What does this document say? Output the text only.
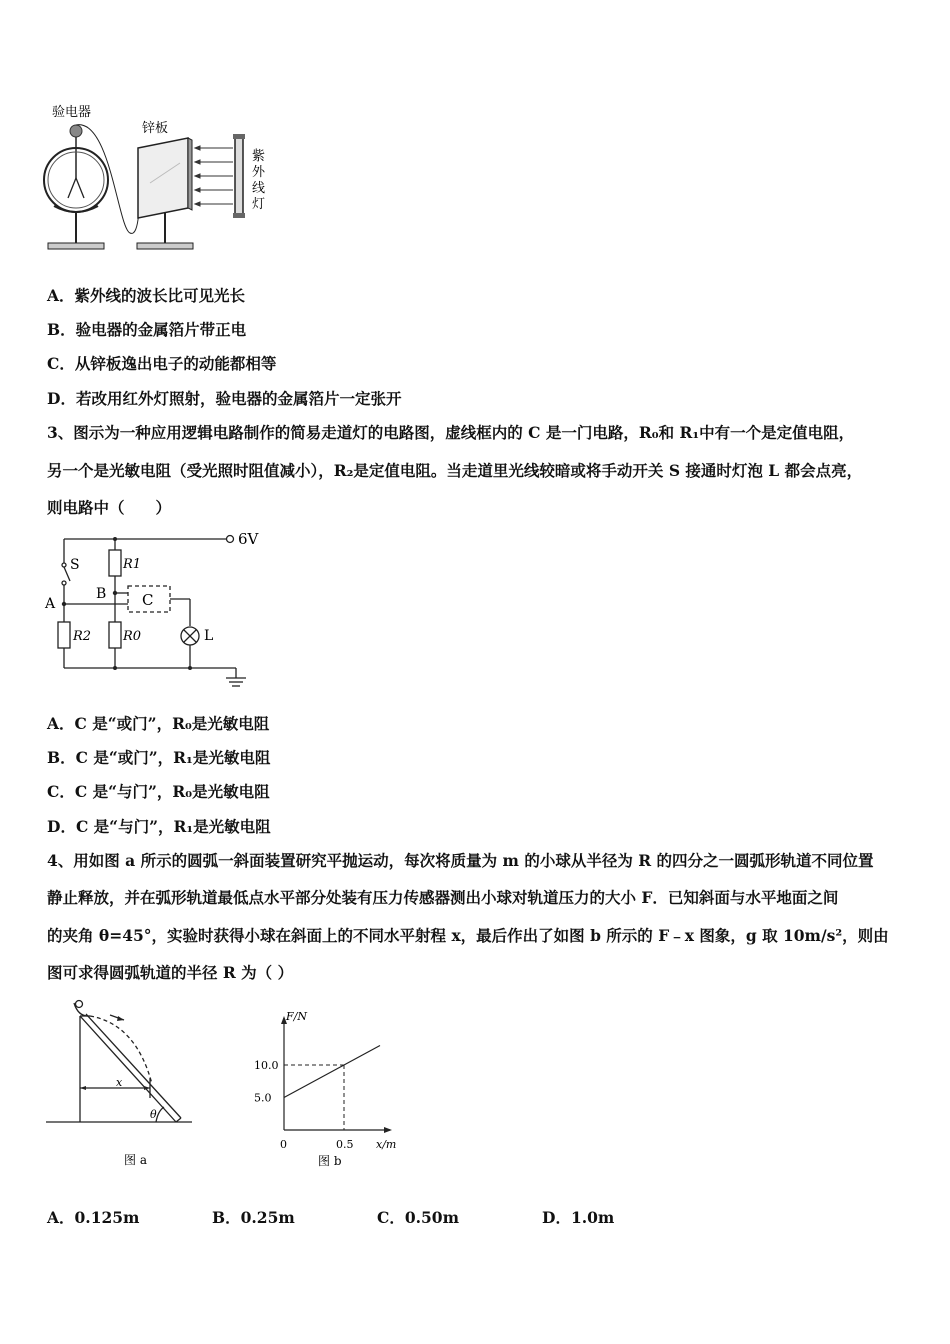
验电器
锌板
紫
外
线
灯
A．紫外线的波长比可见光长
B．验电器的金属箔片带正电
C．从锌板逸出电子的动能都相等
D．若改用红外灯照射，验电器的金属箔片一定张开
3、图示为一种应用逻辑电路制作的简易走道灯的电路图，虚线框内的 C 是一门电路，R₀和 R₁中有一个是定值电阻，
另一个是光敏电阻（受光照时阻值减小），R₂是定值电阻。当走道里光线较暗或将手动开关 S 接通时灯泡 L 都会点亮，
则电路中（　　）
6V
S
A
B C
R1
R2 R0	L
A．C 是“或门”，R₀是光敏电阻
B．C 是“或门”，R₁是光敏电阻
C．C 是“与门”，R₀是光敏电阻
D．C 是“与门”，R₁是光敏电阻
4、用如图 a 所示的圆弧一斜面装置研究平抛运动，每次将质量为 m 的小球从半径为 R 的四分之一圆弧形轨道不同位置
静止释放，并在弧形轨道最低点水平部分处装有压力传感器测出小球对轨道压力的大小 F．已知斜面与水平地面之间
的夹角 θ=45°，实验时获得小球在斜面上的不同水平射程 x，最后作出了如图 b 所示的 F﹣x 图象，g 取 10m/s²，则由
图可求得圆弧轨道的半径 R 为（ ）
x
θ
图 a
5.0
10.0
0.5
F/N
x/m
0
图 b
A．0.125m	B．0.25m	C．0.50m	D．1.0m
